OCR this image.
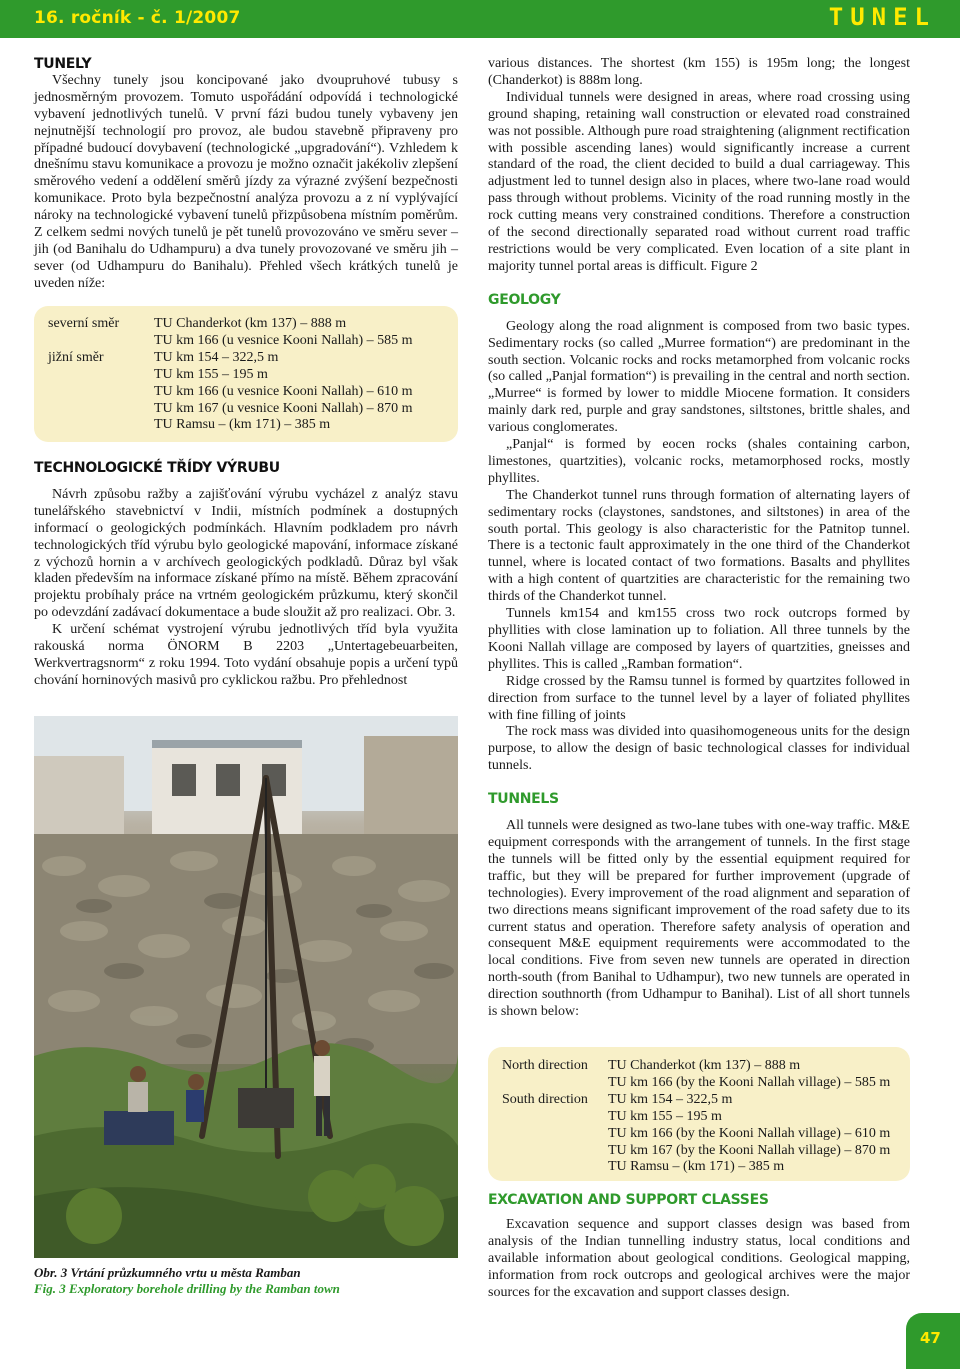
16. ročník - č. 1/2007	TUNEL
TUNELY

Všechny tunely jsou koncipované jako dvoupruhové tubusy s jednosměrným provozem. Tomuto uspořádání odpovídá i technologické vybavení jednotlivých tunelů. V první fázi budou tunely vybaveny jen nejnutnější technologií pro provoz, ale budou stavebně připraveny pro případné budoucí dovybavení (technologické „upgradování“). Vzhledem k dnešnímu stavu komunikace a provozu je možno označit jakékoliv zlepšení směrového vedení a oddělení směrů jízdy za výrazné zvýšení bezpečnosti komunikace. Proto byla bezpečnostní analýza provozu a z ní vyplývající nároky na technologické vybavení tunelů přizpůsobena místním poměrům. Z celkem sedmi nových tunelů je pět tunelů provozováno ve směru sever – jih (od Banihalu do Udhampuru) a dva tunely provozované ve směru jih – sever (od Udhampuru do Banihalu). Přehled všech krátkých tunelů je uveden níže:

severní směr	TU Chanderkot (km 137) – 888 m
	TU km 166 (u vesnice Kooni Nallah) – 585 m
jižní směr	TU km 154 – 322,5 m
	TU km 155 – 195 m
	TU km 166 (u vesnice Kooni Nallah) – 610 m
	TU km 167 (u vesnice Kooni Nallah) – 870 m
	TU Ramsu – (km 171) – 385 m
TECHNOLOGICKÉ TŘÍDY VÝRUBU

Návrh způsobu ražby a zajišťování výrubu vycházel z analýz stavu tunelářského stavebnictví v Indii, místních podmínek a dostupných informací o geologických podmínkách. Hlavním podkladem pro návrh technologických tříd výrubu bylo geologické mapování, informace získané z výchozů hornin a v archívech geologických podkladů. Důraz byl však kladen především na informace získané přímo na místě. Během zpracování projektu probíhaly práce na vrtném geologickém průzkumu, který skončil po odevzdání zadávací dokumentace a bude sloužit až pro realizaci. Obr. 3.

K určení schémat vystrojení výrubu jednotlivých tříd byla využita rakouská norma ÖNORM B 2203 „Untertagebeuarbeiten, Werkvertragsnorm“ z roku 1994. Toto vydání obsahuje popis a určení typů chování horninových masivů pro cyklickou ražbu. Pro přehlednost

Obr. 3 Vrtání průzkumného vrtu u města Ramban
Fig. 3 Exploratory borehole drilling by the Ramban town

various distances. The shortest (km 155) is 195m long; the longest (Chanderkot) is 888m long.

Individual tunnels were designed in areas, where road crossing using ground shaping, retaining wall construction or elevated road constrained was not possible. Although pure road straightening (alignment rectification with possible ascending lanes) would significantly increase a current standard of the road, the client decided to build a dual carriageway. This adjustment led to tunnel design also in places, where two-lane road would pass through without problems. Vicinity of the road running mostly in the rock cutting means very constrained conditions. Therefore a construction of the second directionally separated road without current road traffic restrictions would be very complicated. Even location of a site plant in majority tunnel portal areas is difficult. Figure 2

GEOLOGY

Geology along the road alignment is composed from two basic types. Sedimentary rocks (so called „Murree formation“) are predominant in the south section. Volcanic rocks and rocks metamorphed from volcanic rocks (so called „Panjal formation“) is prevailing in the central and north section. „Murree“ is formed by lower to middle Miocene formation. It considers mainly dark red, purple and gray sandstones, siltstones, brittle shales, and various conglomerates.

„Panjal“ is formed by eocen rocks (shales containing carbon, limestones, quartzities), volcanic rocks, metamorphosed rocks, mostly phyllites.

The Chanderkot tunnel runs through formation of alternating layers of sedimentary rocks (claystones, sandstones, and siltstones) in area of the south portal. This geology is also characteristic for the Patnitop tunnel. There is a tectonic fault approximately in the one third of the Chanderkot tunnel, where is located contact of two formations. Basalts and phyllites with a high content of quartzities are characteristic for the remaining two thirds of the Chanderkot tunnel.

Tunnels km154 and km155 cross two rock outcrops formed by phyllities with close lamination up to foliation. All three tunnels by the Kooni Nallah village are composed by layers of quartzities, gneisses and phyllites. This is called „Ramban formation“.

Ridge crossed by the Ramsu tunnel is formed by quartzites followed in direction from surface to the tunnel level by a layer of foliated phyllites with fine filling of joints

The rock mass was divided into quasihomogeneous units for the design purpose, to allow the design of basic technological classes for individual tunnels.

TUNNELS

All tunnels were designed as two-lane tubes with one-way traffic. M&E equipment corresponds with the arrangement of tunnels. In the first stage the tunnels will be fitted only by the essential equipment required for traffic, but they will be prepared for further improvement (upgrade of technologies). Every improvement of the road alignment and separation of two directions means significant improvement of the road safety due to its current status and operation. Therefore safety analysis of operation and consequent M&E equipment requirements were accommodated to the local conditions. Five from seven new tunnels are operated in direction north-south (from Banihal to Udhampur), two new tunnels are operated in direction southnorth (from Udhampur to Banihal). List of all short tunnels is shown below:

North direction	TU Chanderkot (km 137) – 888 m
	TU km 166 (by the Kooni Nallah village) – 585 m
South direction	TU km 154 – 322,5 m
	TU km 155 – 195 m
	TU km 166 (by the Kooni Nallah village) – 610 m
	TU km 167 (by the Kooni Nallah village) – 870 m
	TU Ramsu – (km 171) – 385 m
EXCAVATION AND SUPPORT CLASSES

Excavation sequence and support classes design was based from analysis of the Indian tunnelling industry status, local conditions and available information about geological conditions. Geological mapping, information from rock outcrops and geological archives were the major sources for the excavation and support classes design.

47
